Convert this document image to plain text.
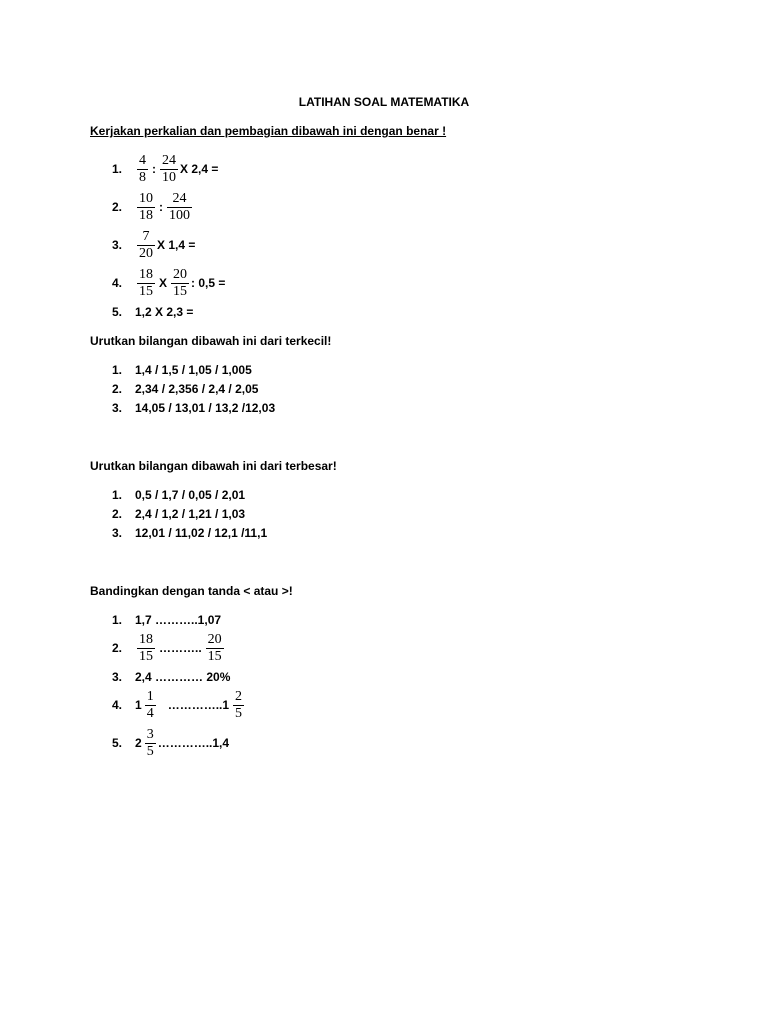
LATIHAN SOAL MATEMATIKA
Kerjakan perkalian dan pembagian dibawah ini dengan benar !
1.	$\frac{4}{8}$ : $\frac{24}{10}$ X 2,4 =
2.	$\frac{10}{18}$ : $\frac{24}{100}$
3.	$\frac{7}{20}$ X 1,4 =
4.	$\frac{18}{15}$ X $\frac{20}{15}$ : 0,5 =
5.	1,2 X 2,3 =
Urutkan bilangan dibawah ini dari terkecil!
1.	1,4 / 1,5 / 1,05 / 1,005
2.	2,34 / 2,356 / 2,4 / 2,05
3.	14,05 / 13,01 / 13,2 /12,03
Urutkan bilangan dibawah ini dari terbesar!
1.	0,5 / 1,7 / 0,05 / 2,01
2.	2,4 / 1,2 / 1,21 / 1,03
3.	12,01 / 11,02 / 12,1 /11,1
Bandingkan dengan tanda < atau >!
1.	1,7 ………..1,07
2.	$\frac{18}{15}$ ……….. $\frac{20}{15}$
3.	2,4 ………… 20%
4.	$1 \frac{1}{4}$ …………..1 $\frac{2}{5}$
5.	$2 \frac{3}{5}$ …………..1,4
